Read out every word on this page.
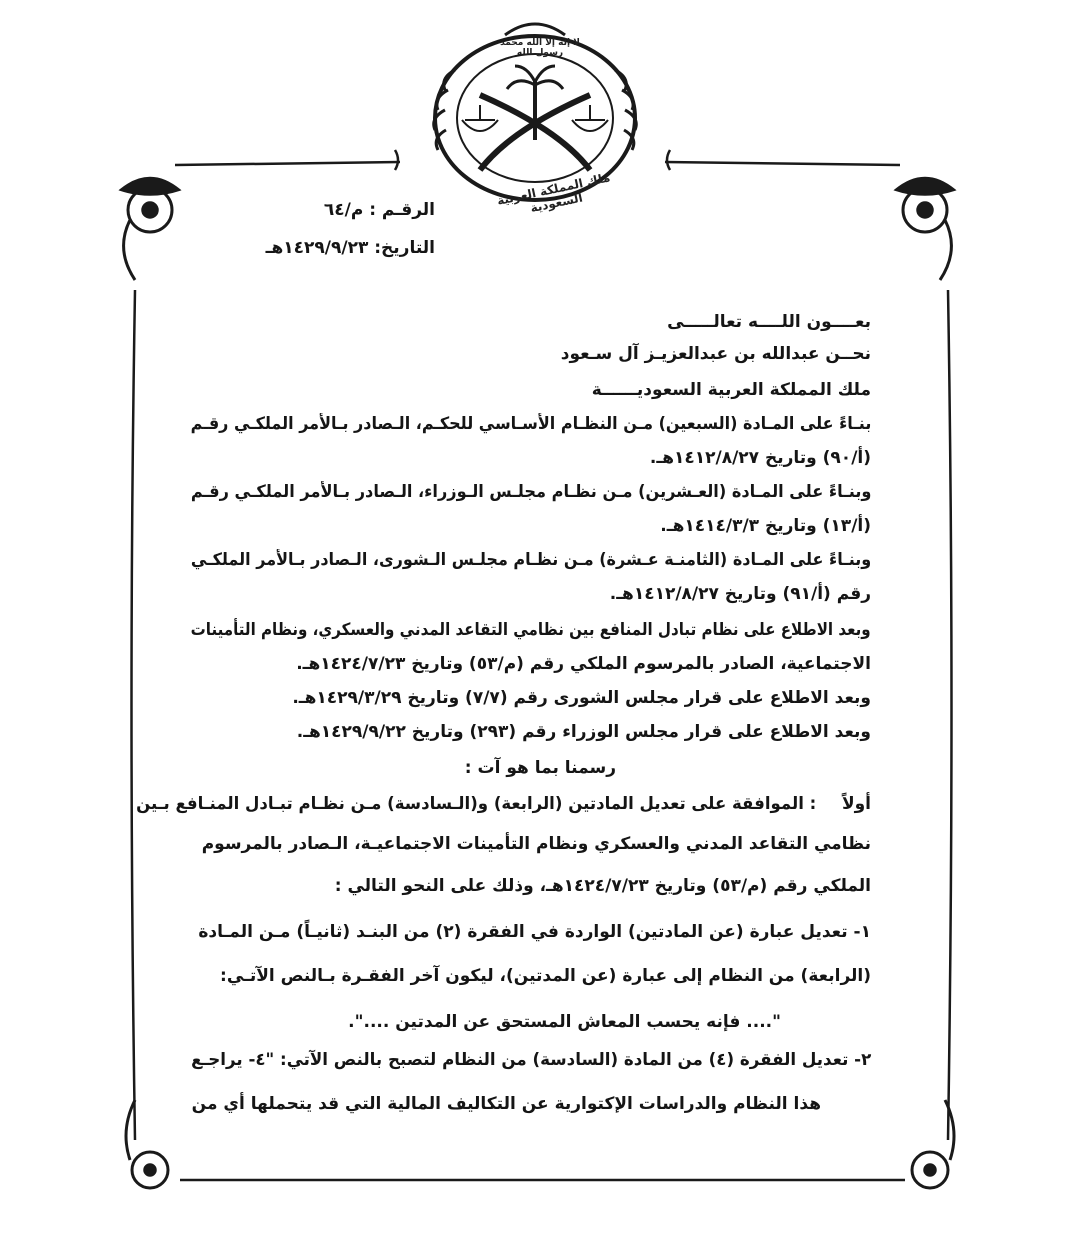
لا إله إلا الله محمد رسول الله
ملك المملكة العربية السعودية
الرقـم : م/٦٤
التاريخ: ١٤٢٩/٩/٢٣هـ
بعــــون اللــــه تعالـــــى
نحــن عبدالله بن عبدالعزيـز آل سـعود
ملك المملكة العربية السعوديــــــة
بنـاءً على المـادة (السبعين) مـن النظـام الأسـاسي للحكـم، الـصادر بـالأمر الملكـي رقـم
(أ/٩٠) وتاريخ ١٤١٢/٨/٢٧هـ.
وبنـاءً على المـادة (العـشرين) مـن نظـام مجلـس الـوزراء، الـصادر بـالأمر الملكـي رقـم
(أ/١٣) وتاريخ ١٤١٤/٣/٣هـ.
وبنـاءً على المـادة (الثامنـة عـشرة) مـن نظـام مجلـس الـشورى، الـصادر بـالأمر الملكـي
رقم (أ/٩١) وتاريخ ١٤١٢/٨/٢٧هـ.
وبعد الاطلاع على نظام تبادل المنافع بين نظامي التقاعد المدني والعسكري، ونظام التأمينات
الاجتماعية، الصادر بالمرسوم الملكي رقم (م/٥٣) وتاريخ ١٤٢٤/٧/٢٣هـ.
وبعد الاطلاع على قرار مجلس الشورى رقم (٧/٧) وتاريخ ١٤٢٩/٣/٢٩هـ.
وبعد الاطلاع على قرار مجلس الوزراء رقم (٢٩٣) وتاريخ ١٤٢٩/٩/٢٢هـ.
رسمنا بما هو آت :
أولاً
: الموافقة على تعديل المادتين (الرابعة) و(الـسادسة) مـن نظـام تبـادل المنـافع بـين
نظامي التقاعد المدني والعسكري ونظام التأمينات الاجتماعيـة، الـصادر بالمرسوم
الملكي رقم (م/٥٣) وتاريخ ١٤٢٤/٧/٢٣هـ، وذلك على النحو التالي :
١- تعديل عبارة (عن المادتين) الواردة في الفقرة (٢) من البنـد (ثانيـاً) مـن المـادة
(الرابعة) من النظام إلى عبارة (عن المدتين)، ليكون آخر الفقـرة بـالنص الآتـي:
".... فإنه يحسب المعاش المستحق عن المدتين ....".
٢- تعديل الفقرة (٤) من المادة (السادسة) من النظام لتصبح بالنص الآتي: "٤- يراجـع
هذا النظام والدراسات الإكتوارية عن التكاليف المالية التي قد يتحملها أي من
